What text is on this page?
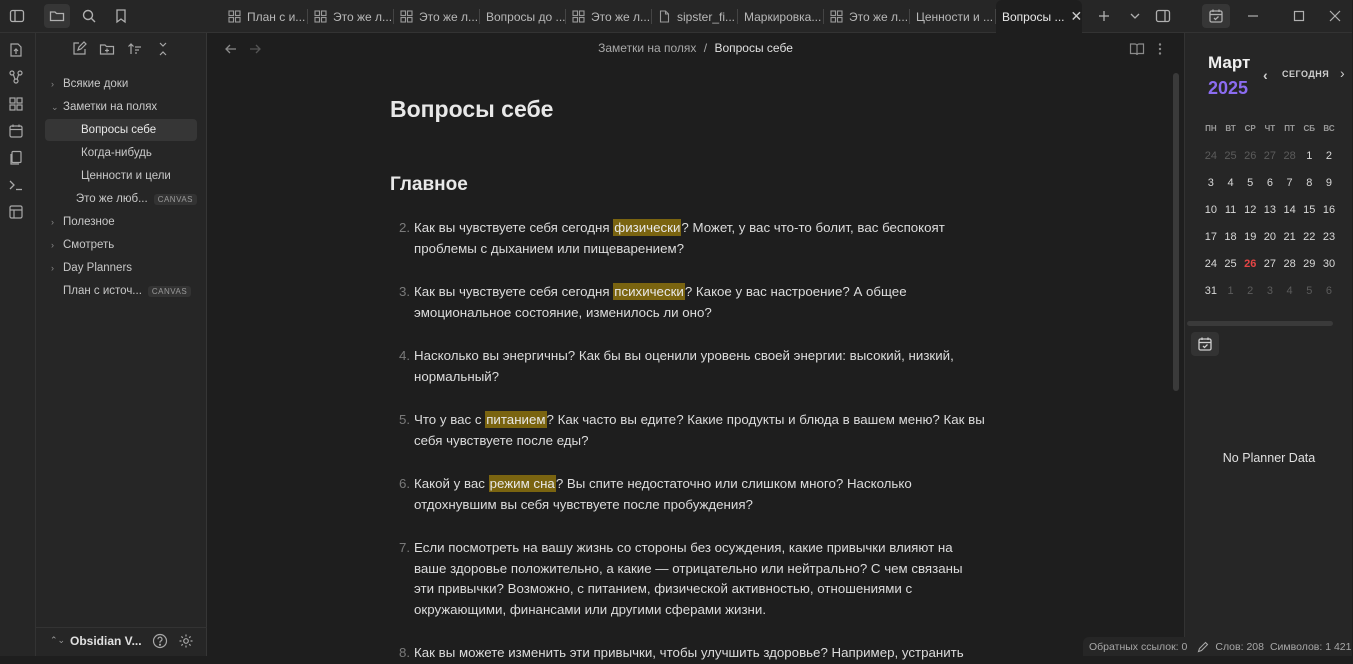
План с и... Это же л... Это же л... Вопросы до ... Это же л... sipster_fi... Маркировка... Это же л... Ценности и ... Вопросы ... ✕
› Всякие доки
⌄ Заметки на полях
Вопросы себе
Когда-нибудь
Ценности и цели
Это же люб...	CANVAS
› Полезное
› Смотреть
› Day Planners
План с источ...	CANVAS
⌃⌄ Obsidian V...
Заметки на полях / Вопросы себе
Вопросы себе
Главное
2. Как вы чувствуете себя сегодня физически? Может, у вас что-то болит, вас беспокоят проблемы с дыханием или пищеварением?
3. Как вы чувствуете себя сегодня психически? Какое у вас настроение? А общее эмоциональное состояние, изменилось ли оно?
4. Насколько вы энергичны? Как бы вы оценили уровень своей энергии: высокий, низкий, нормальный?
5. Что у вас с питанием? Как часто вы едите? Какие продукты и блюда в вашем меню? Как вы себя чувствуете после еды?
6. Какой у вас режим сна? Вы спите недостаточно или слишком много? Насколько отдохнувшим вы себя чувствуете после пробуждения?
7. Если посмотреть на вашу жизнь со стороны без осуждения, какие привычки влияют на ваше здоровье положительно, а какие — отрицательно или нейтрально? С чем связаны эти привычки? Возможно, с питанием, физической активностью, отношениями с окружающими, финансами или другими сферами жизни.
8. Как вы можете изменить эти привычки, чтобы улучшить здоровье? Например, устранить
Март
2025
‹ СЕГОДНЯ ›
ПН	ВТ	СР	ЧТ	ПТ	СБ	ВС
24 25 26 27 28 1	2
3	4	5	6	7	8	9
10 11 12 13 14 15 16
17 18 19 20 21 22 23
24 25 26 27 28 29 30
31 1	2	3	4	5	6
No Planner Data
Обратных ссылок: 0	Слов: 208 Символов: 1 421
